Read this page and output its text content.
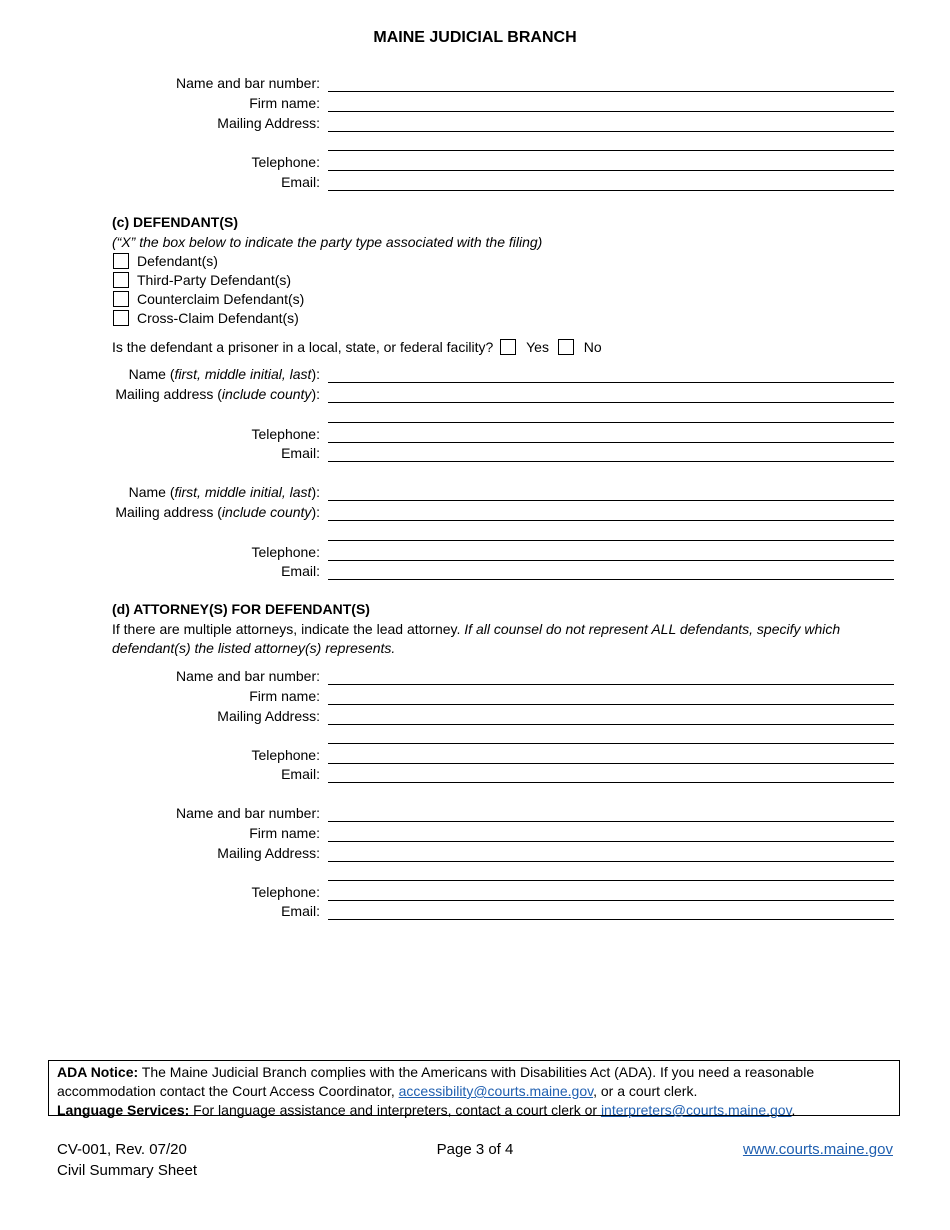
MAINE JUDICIAL BRANCH
Name and bar number:
Firm name:
Mailing Address:
Telephone:
Email:
(c) DEFENDANT(S)
(“X” the box below to indicate the party type associated with the filing)
Defendant(s)
Third-Party Defendant(s)
Counterclaim Defendant(s)
Cross-Claim Defendant(s)
Is the defendant a prisoner in a local, state, or federal facility? Yes No
Name (first, middle initial, last):
Mailing address (include county):
Telephone:
Email:
Name (first, middle initial, last):
Mailing address (include county):
Telephone:
Email:
(d) ATTORNEY(S) FOR DEFENDANT(S)
If there are multiple attorneys, indicate the lead attorney. If all counsel do not represent ALL defendants, specify which
defendant(s) the listed attorney(s) represents.
Name and bar number:
Firm name:
Mailing Address:
Telephone:
Email:
Name and bar number:
Firm name:
Mailing Address:
Telephone:
Email:
ADA Notice: The Maine Judicial Branch complies with the Americans with Disabilities Act (ADA). If you need a reasonable
accommodation contact the Court Access Coordinator, accessibility@courts.maine.gov, or a court clerk.
Language Services: For language assistance and interpreters, contact a court clerk or interpreters@courts.maine.gov.
CV-001, Rev. 07/20
Civil Summary Sheet
Page 3 of 4	www.courts.maine.gov
